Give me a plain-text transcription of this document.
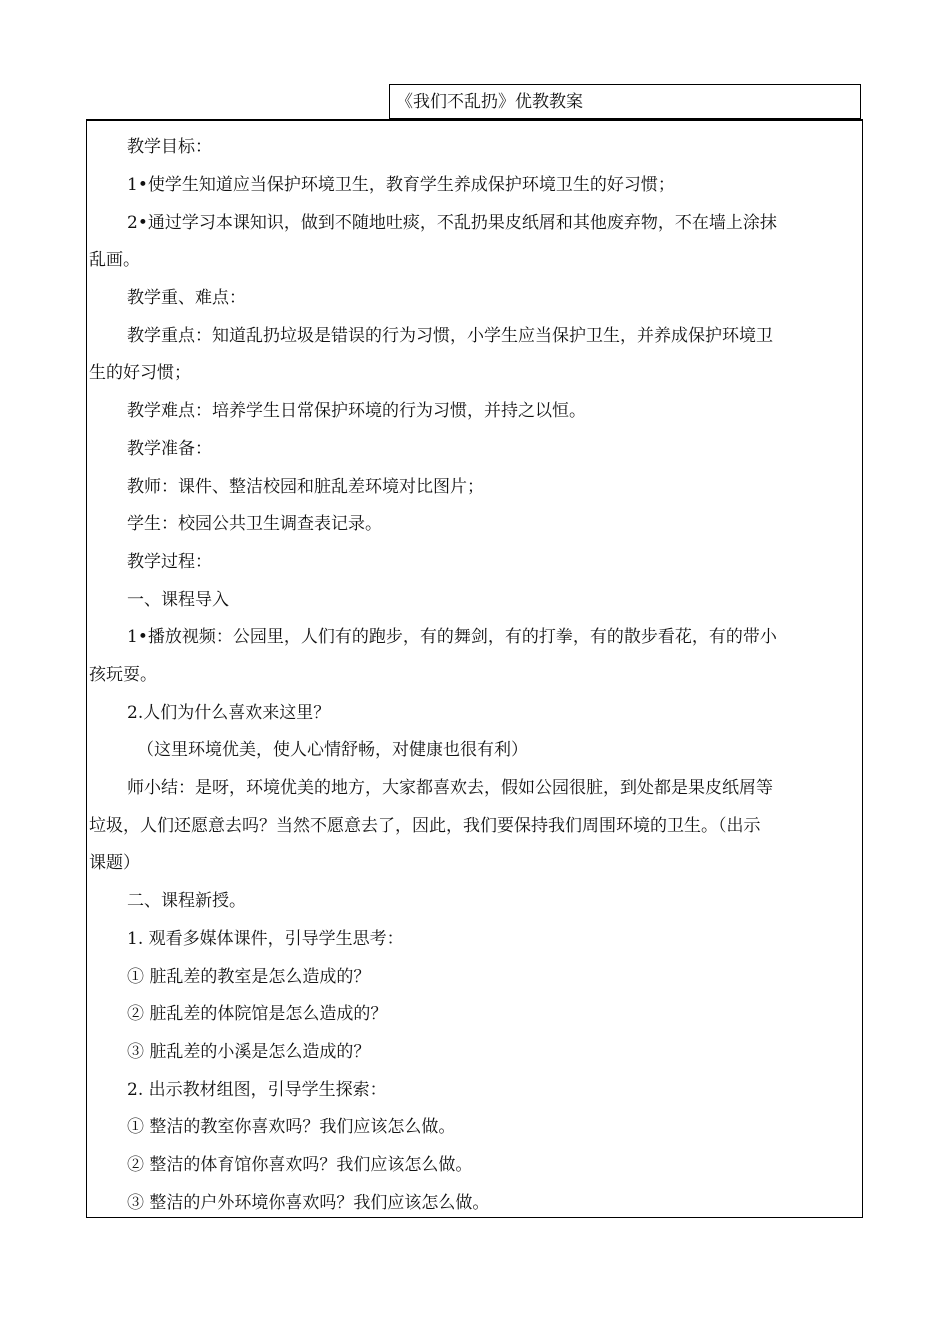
《我们不乱扔》优教教案
教学目标：
1•使学生知道应当保护环境卫生，教育学生养成保护环境卫生的好习惯；
2•通过学习本课知识，做到不随地吐痰，不乱扔果皮纸屑和其他废弃物，不在墙上涂抹
乱画。
教学重、难点：
教学重点：知道乱扔垃圾是错误的行为习惯，小学生应当保护卫生，并养成保护环境卫
生的好习惯；
教学难点：培养学生日常保护环境的行为习惯，并持之以恒。
教学准备：
教师：课件、整洁校园和脏乱差环境对比图片；
学生：校园公共卫生调查表记录。
教学过程：
一、课程导入
1•播放视频：公园里，人们有的跑步，有的舞剑，有的打拳，有的散步看花，有的带小
孩玩耍。
2.人们为什么喜欢来这里？
（这里环境优美，使人心情舒畅，对健康也很有利）
师小结：是呀，环境优美的地方，大家都喜欢去，假如公园很脏，到处都是果皮纸屑等
垃圾，人们还愿意去吗？当然不愿意去了，因此，我们要保持我们周围环境的卫生。（出示
课题）
二、课程新授。
1. 观看多媒体课件，引导学生思考：
① 脏乱差的教室是怎么造成的？
② 脏乱差的体院馆是怎么造成的？
③ 脏乱差的小溪是怎么造成的？
2. 出示教材组图，引导学生探索：
① 整洁的教室你喜欢吗？我们应该怎么做。
② 整洁的体育馆你喜欢吗？我们应该怎么做。
③ 整洁的户外环境你喜欢吗？我们应该怎么做。
